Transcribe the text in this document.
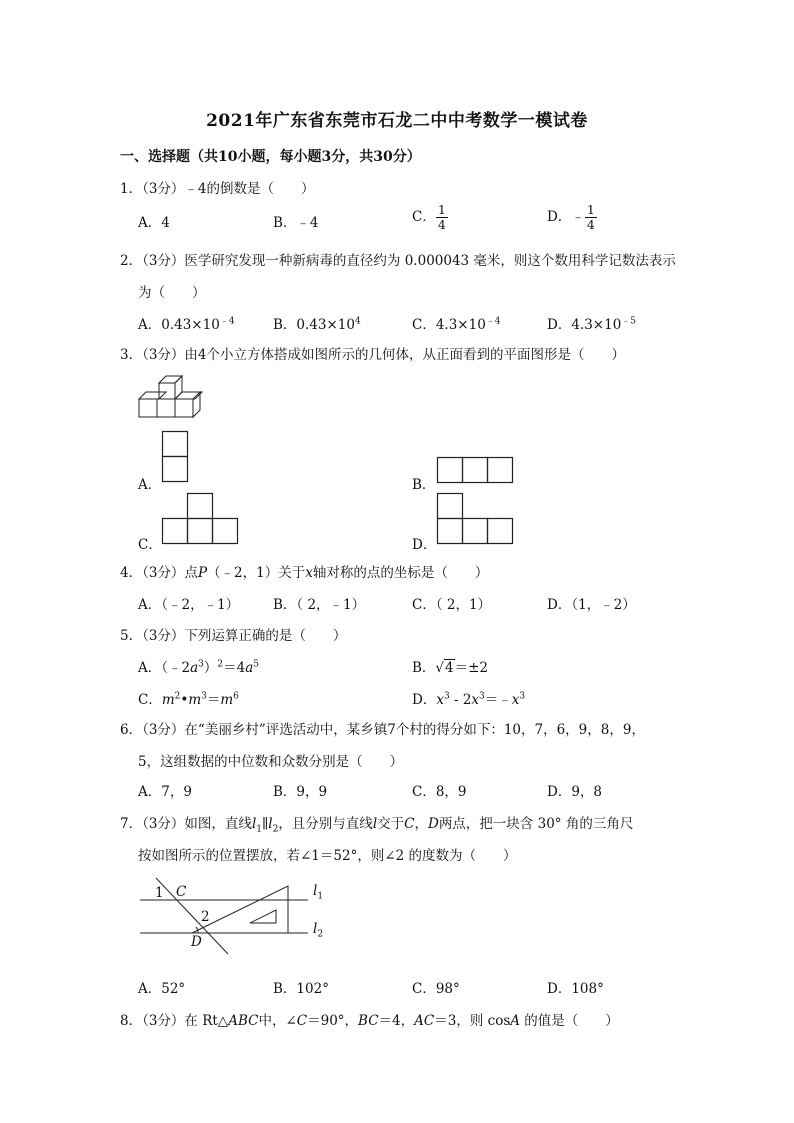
2021年广东省东莞市石龙二中中考数学一模试卷
一、选择题（共10小题，每小题3分，共30分）
1．（3分）﹣4的倒数是（　　）
A．4	B．﹣4	C． $\frac{1}{4}$	D．﹣ $\frac{1}{4}$
2．（3分）医学研究发现一种新病毒的直径约为 0.000043 毫米，则这个数用科学记数法表示
为（　　）
A．$0.43\times 10^{﹣4}$	B．$0.43\times 10^4$	C．$4.3\times 10^{﹣4}$	D．$4.3\times 10^{﹣5}$
3．（3分）由4个小立方体搭成如图所示的几何体，从正面看到的平面图形是（　　）
A．	B．
C．	D．
4．（3分）点P（﹣2，1）关于x轴对称的点的坐标是（　　）
A．（﹣2，﹣1）	B．（ 2，﹣1）	C．（ 2，1）	D．（1，﹣2）
5．（3分）下列运算正确的是（　　）
A．$(﹣2a^3)^2=4a^5$	B．√4＝±2
C．$m^2•m^3=m^6$	D．$x^3$ - $2x^3=﹣x^3$
6．（3分）在“美丽乡村”评选活动中，某乡镇7个村的得分如下：10，7，6，9，8，9，
5，这组数据的中位数和众数分别是（　　）
A．7，9	B．9，9	C．8，9	D．9，8
7．（3分）如图，直线$l_1\parallel l_2$，且分别与直线l交于C，D两点，把一块含 30° 角的三角尺
按如图所示的位置摆放，若∠1＝52°，则∠2 的度数为（　　）
1 C
2
D
$l_1$
$l_2$
A．52°	B．102°	C．98°	D．108°
8．（3分）在 Rt△ABC中，∠C＝90°，BC＝4，AC＝3，则 cosA 的值是（　　）
